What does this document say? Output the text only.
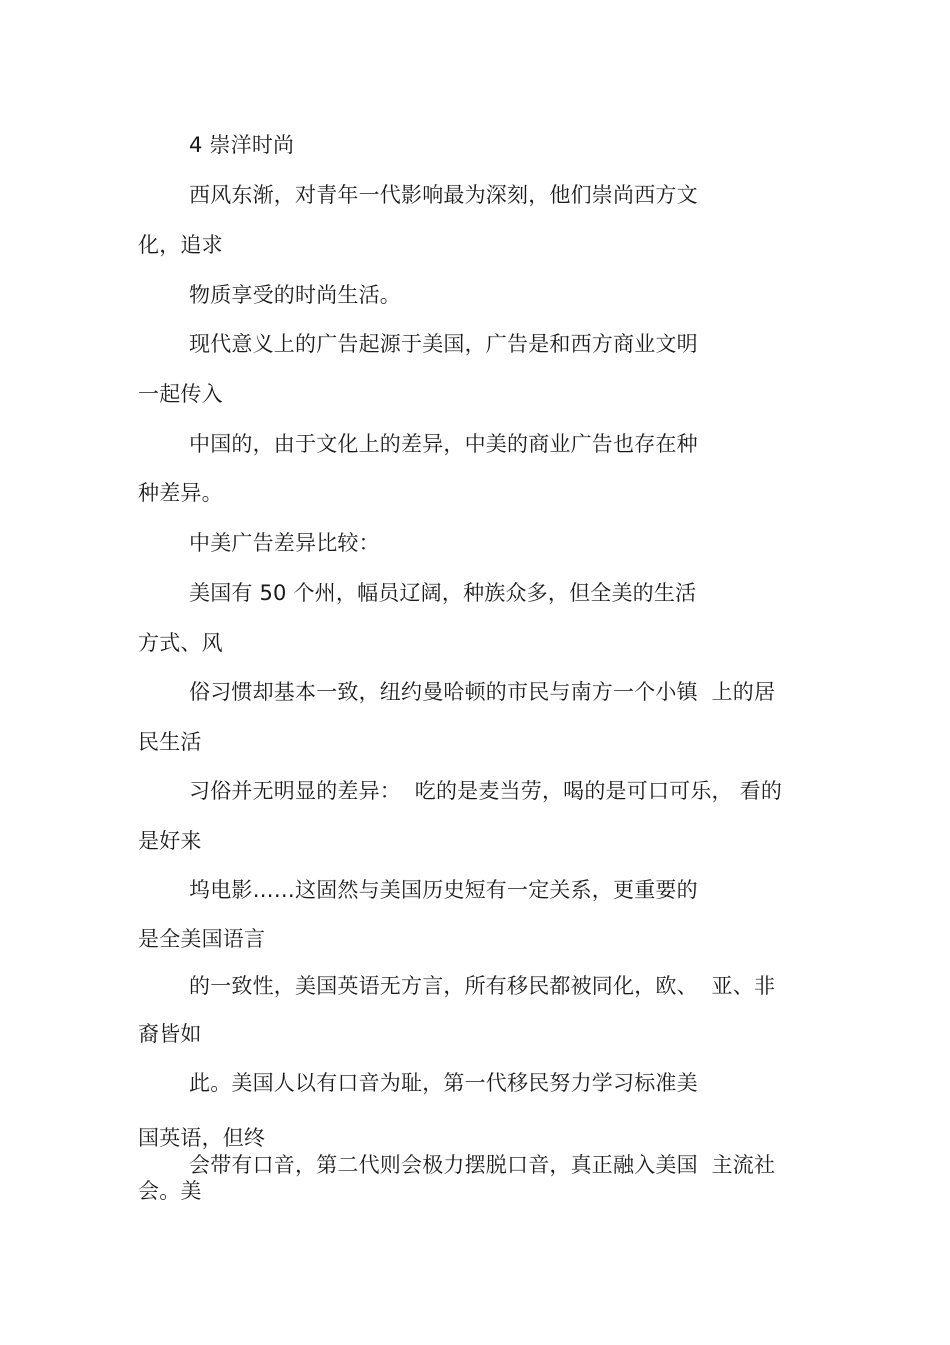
4 崇洋时尚
西风东渐，对青年一代影响最为深刻，他们崇尚西方文
化，追求
物质享受的时尚生活。
现代意义上的广告起源于美国，广告是和西方商业文明
一起传入
中国的，由于文化上的差异，中美的商业广告也存在种
种差异。
中美广告差异比较：
美国有 50 个州，幅员辽阔，种族众多，但全美的生活
方式、风
俗习惯却基本一致，纽约曼哈顿的市民与南方一个小镇  上的居
民生活
习俗并无明显的差异：  吃的是麦当劳，喝的是可口可乐， 看的
是好来
坞电影……这固然与美国历史短有一定关系，更重要的
是全美国语言
的一致性，美国英语无方言，所有移民都被同化，欧、  亚、非
裔皆如
此。美国人以有口音为耻，第一代移民努力学习标准美
国英语，但终
会带有口音，第二代则会极力摆脱口音，真正融入美国  主流社
会。美
